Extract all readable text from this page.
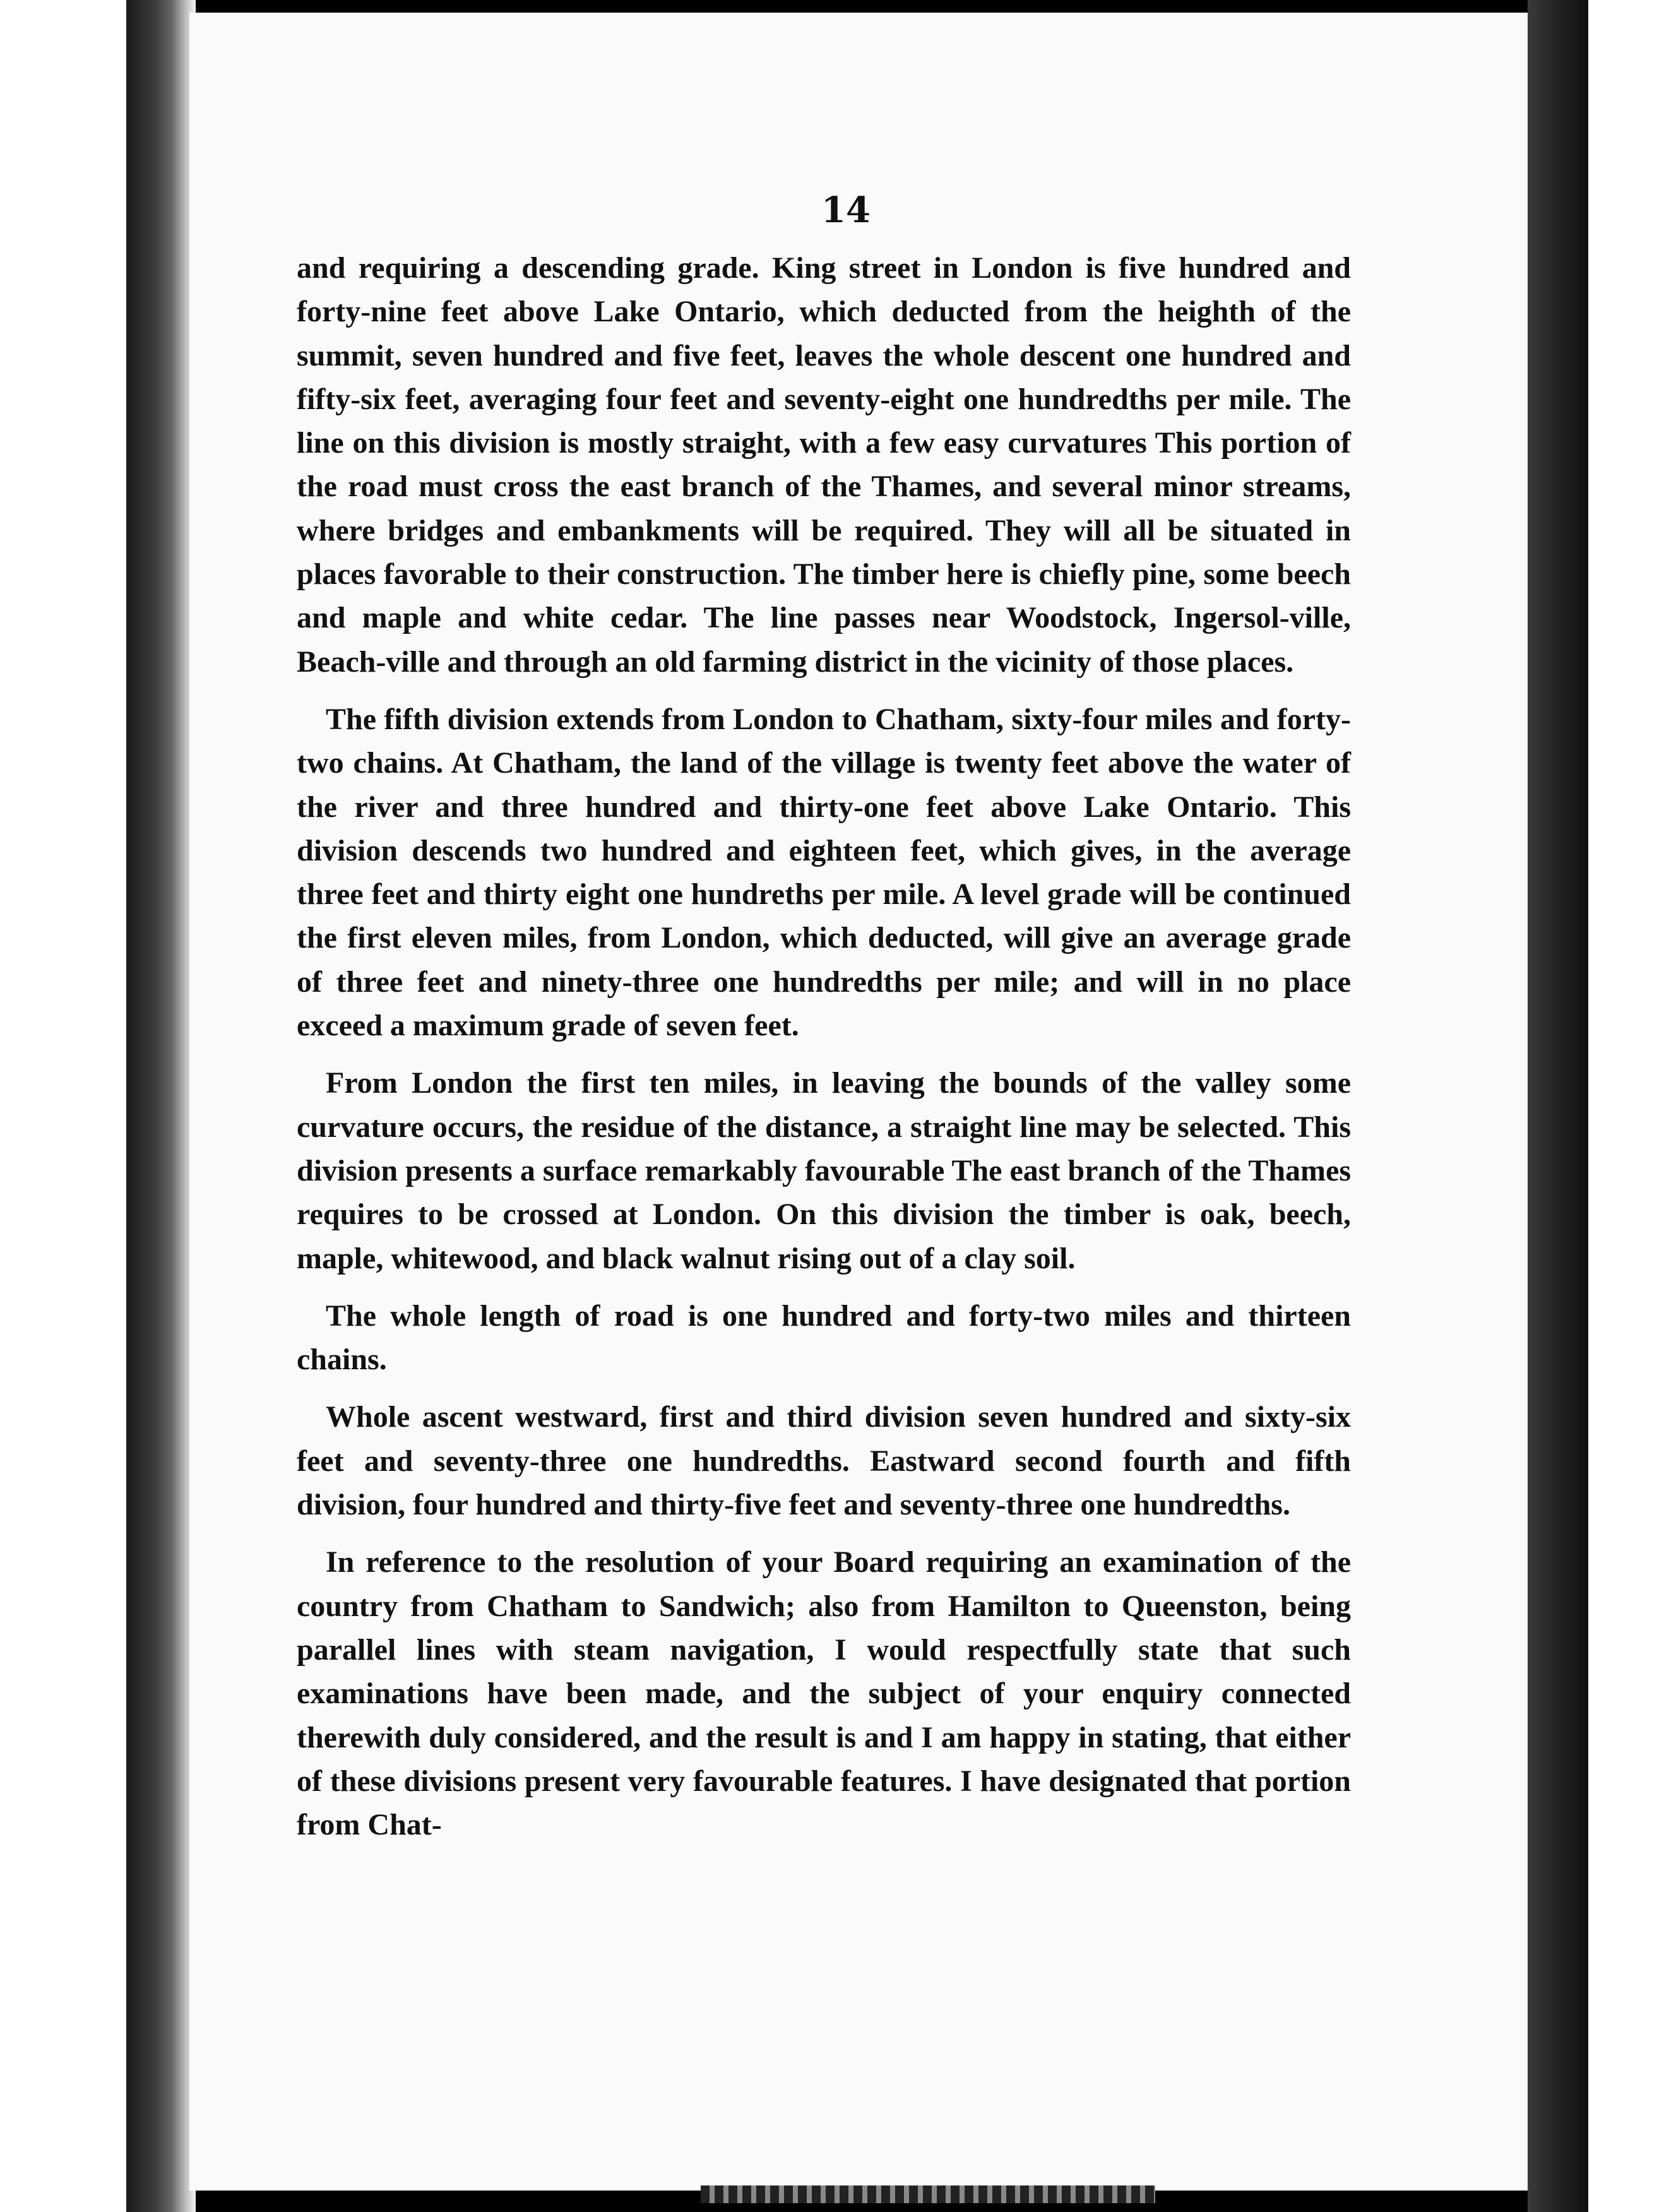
14

and requiring a descending grade. King street in London is five hundred and forty-nine feet above Lake Ontario, which deducted from the heighth of the summit, seven hundred and five feet, leaves the whole descent one hundred and fifty-six feet, averaging four feet and seventy-eight one hundredths per mile. The line on this division is mostly straight, with a few easy curvatures This portion of the road must cross the east branch of the Thames, and several minor streams, where bridges and embankments will be required. They will all be situated in places favorable to their construction. The timber here is chiefly pine, some beech and maple and white cedar. The line passes near Woodstock, Ingersol-ville, Beach-ville and through an old farming district in the vicinity of those places.

The fifth division extends from London to Chatham, sixty-four miles and forty-two chains. At Chatham, the land of the village is twenty feet above the water of the river and three hundred and thirty-one feet above Lake Ontario. This division descends two hundred and eighteen feet, which gives, in the average three feet and thirty eight one hundreths per mile. A level grade will be continued the first eleven miles, from London, which deducted, will give an average grade of three feet and ninety-three one hundredths per mile; and will in no place exceed a maximum grade of seven feet.

From London the first ten miles, in leaving the bounds of the valley some curvature occurs, the residue of the distance, a straight line may be selected. This division presents a surface remarkably favourable The east branch of the Thames requires to be crossed at London. On this division the timber is oak, beech, maple, whitewood, and black walnut rising out of a clay soil.

The whole length of road is one hundred and forty-two miles and thirteen chains.

Whole ascent westward, first and third division seven hundred and sixty-six feet and seventy-three one hundredths. Eastward second fourth and fifth division, four hundred and thirty-five feet and seventy-three one hundredths.

In reference to the resolution of your Board requiring an examination of the country from Chatham to Sandwich; also from Hamilton to Queenston, being parallel lines with steam navigation, I would respectfully state that such examinations have been made, and the subject of your enquiry connected therewith duly considered, and the result is and I am happy in stating, that either of these divisions present very favourable features. I have designated that portion from Chat-
